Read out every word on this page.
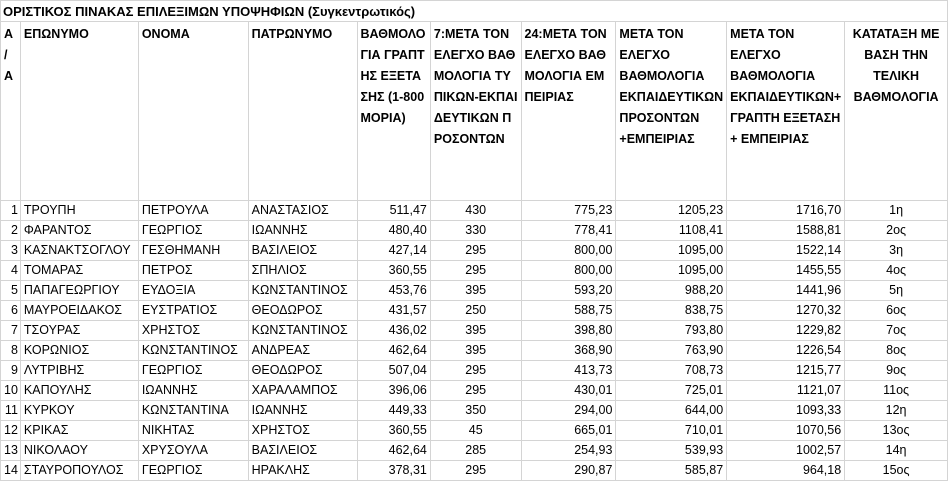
Α / Α	ΕΠΩΝΥΜΟ	ΟΝΟΜΑ	ΠΑΤΡΩΝΥΜΟ	ΒΑΘΜΟΛΟΓΙΑ ΓΡΑΠΤΗΣ ΕΞΕΤΑΣΗΣ (1-800 ΜΟΡΙΑ)	7:ΜΕΤΑ ΤΟΝ ΕΛΕΓΧΟ ΒΑΘΜΟΛΟΓΙΑ ΤΥΠΙΚΩΝ-ΕΚΠΑΙΔΕΥΤΙΚΩΝ ΠΡΟΣΟΝΤΩΝ	24:ΜΕΤΑ ΤΟΝ ΕΛΕΓΧΟ ΒΑΘΜΟΛΟΓΙΑ ΕΜΠΕΙΡΙΑΣ	ΜΕΤΑ ΤΟΝ ΕΛΕΓΧΟ ΒΑΘΜΟΛΟΓΙΑ ΕΚΠΑΙΔΕΥΤΙΚΩΝ ΠΡΟΣΟΝΤΩΝ +ΕΜΠΕΙΡΙΑΣ	ΜΕΤΑ ΤΟΝ ΕΛΕΓΧΟ ΒΑΘΜΟΛΟΓΙΑ ΕΚΠΑΙΔΕΥΤΙΚΩΝ+ ΓΡΑΠΤΗ ΕΞΕΤΑΣΗ + ΕΜΠΕΙΡΙΑΣ	ΚΑΤΑΤΑΞΗ ΜΕ ΒΑΣΗ ΤΗΝ ΤΕΛΙΚΗ ΒΑΘΜΟΛΟΓΙΑ
1	ΤΡΟΥΠΗ	ΠΕΤΡΟΥΛΑ	ΑΝΑΣΤΑΣΙΟΣ	511,47	430	775,23	1205,23	1716,70	1η
2	ΦΑΡΑΝΤΟΣ	ΓΕΩΡΓΙΟΣ	ΙΩΑΝΝΗΣ	480,40	330	778,41	1108,41	1588,81	2ος
3	ΚΑΣΝΑΚΤΣΟΓΛΟΥ	ΓΕΣΘΗΜΑΝΗ	ΒΑΣΙΛΕΙΟΣ	427,14	295	800,00	1095,00	1522,14	3η
4	ΤΟΜΑΡΑΣ	ΠΕΤΡΟΣ	ΣΠΗΛΙΟΣ	360,55	295	800,00	1095,00	1455,55	4ος
5	ΠΑΠΑΓΕΩΡΓΙΟΥ	ΕΥΔΟΞΙΑ	ΚΩΝΣΤΑΝΤΙΝΟΣ	453,76	395	593,20	988,20	1441,96	5η
6	ΜΑΥΡΟΕΙΔΑΚΟΣ	ΕΥΣΤΡΑΤΙΟΣ	ΘΕΟΔΩΡΟΣ	431,57	250	588,75	838,75	1270,32	6ος
7	ΤΣΟΥΡΑΣ	ΧΡΗΣΤΟΣ	ΚΩΝΣΤΑΝΤΙΝΟΣ	436,02	395	398,80	793,80	1229,82	7ος
8	ΚΟΡΩΝΙΟΣ	ΚΩΝΣΤΑΝΤΙΝΟΣ	ΑΝΔΡΕΑΣ	462,64	395	368,90	763,90	1226,54	8ος
9	ΛΥΤΡΙΒΗΣ	ΓΕΩΡΓΙΟΣ	ΘΕΟΔΩΡΟΣ	507,04	295	413,73	708,73	1215,77	9ος
10	ΚΑΠΟΥΛΗΣ	ΙΩΑΝΝΗΣ	ΧΑΡΑΛΑΜΠΟΣ	396,06	295	430,01	725,01	1121,07	11ος
11	ΚΥΡΚΟΥ	ΚΩΝΣΤΑΝΤΙΝΑ	ΙΩΑΝΝΗΣ	449,33	350	294,00	644,00	1093,33	12η
12	ΚΡΙΚΑΣ	ΝΙΚΗΤΑΣ	ΧΡΗΣΤΟΣ	360,55	45	665,01	710,01	1070,56	13ος
13	ΝΙΚΟΛΑΟΥ	ΧΡΥΣΟΥΛΑ	ΒΑΣΙΛΕΙΟΣ	462,64	285	254,93	539,93	1002,57	14η
14	ΣΤΑΥΡΟΠΟΥΛΟΣ	ΓΕΩΡΓΙΟΣ	ΗΡΑΚΛΗΣ	378,31	295	290,87	585,87	964,18	15ος
ΟΡΙΣΤΙΚΟΣ ΠΙΝΑΚΑΣ ΕΠΙΛΕΞΙΜΩΝ ΥΠΟΨΗΦΙΩΝ (Συγκεντρωτικός)
